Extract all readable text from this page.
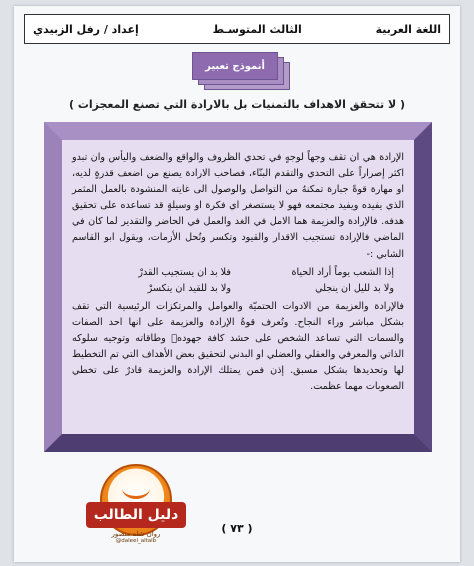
اللغة العربية
الثالث المتوسـط
إعداد / رفل الزبيدي
أنموذج تعبير
( لا تتحقق الاهداف بالتمنيات بل بالارادة التي تصنع المعجزات )

الإرادة هي ان تقف وجهاً لوجهٍ في تحدي الظروف والواقع والضعف واليأس وان تبدو اكثر إصراراً على التحدي والتقدم البنّاء، فصاحب الارادة يصنع من اضعف قدرةٍ لديه، او مهارة قوةً جبارة تمكنهُ من التواصل والوصول الى غايته المنشودة بالعمل المثمر الذي يفيده ويفيد مجتمعه فهو لا يستصغر اي فكرة او وسيلةٍ قد تساعده على تحقيق هدفه. فالإرادة والعزيمة هما الامل في الغد والعمل في الحاضر والتقدير لما كان في الماضي فالإرادة تستجيب الاقدار والقيود وتكسر وتُحل الأزمات، ويقول ابو القاسم الشابي :-

إذا الشعب يوماً أراد الحياة
فلا بد ان يستجيب القدرْ
ولا بد لليل ان ينجلي
ولا بد للقيد ان ينكسرْ

فالإرادة والعزيمة من الادوات الحتميّة والعوامل والمرتكزات الرئيسية التي تقف بشكل مباشر وراء النجاح. وتُعرف قوةُ الإرادة والعزيمة على انها احد الصفات والسمات التي تساعد الشخص على حشد كافة جهودهٖ وطاقاته وتوجيه سلوكه الذاتي والمعرفي والعقلي والعضلي او البدني لتحقيق بعض الأهداف التي تم التخطيط لها وتحديدها بشكل مسبق. إذن فمن يمتلك الإرادة والعزيمة قادرٌ على تخطي الصعوبات مهما عظمت.

دليل الطالب
روان شاه منصور
@daleel_altalb
( ٧٣ )
